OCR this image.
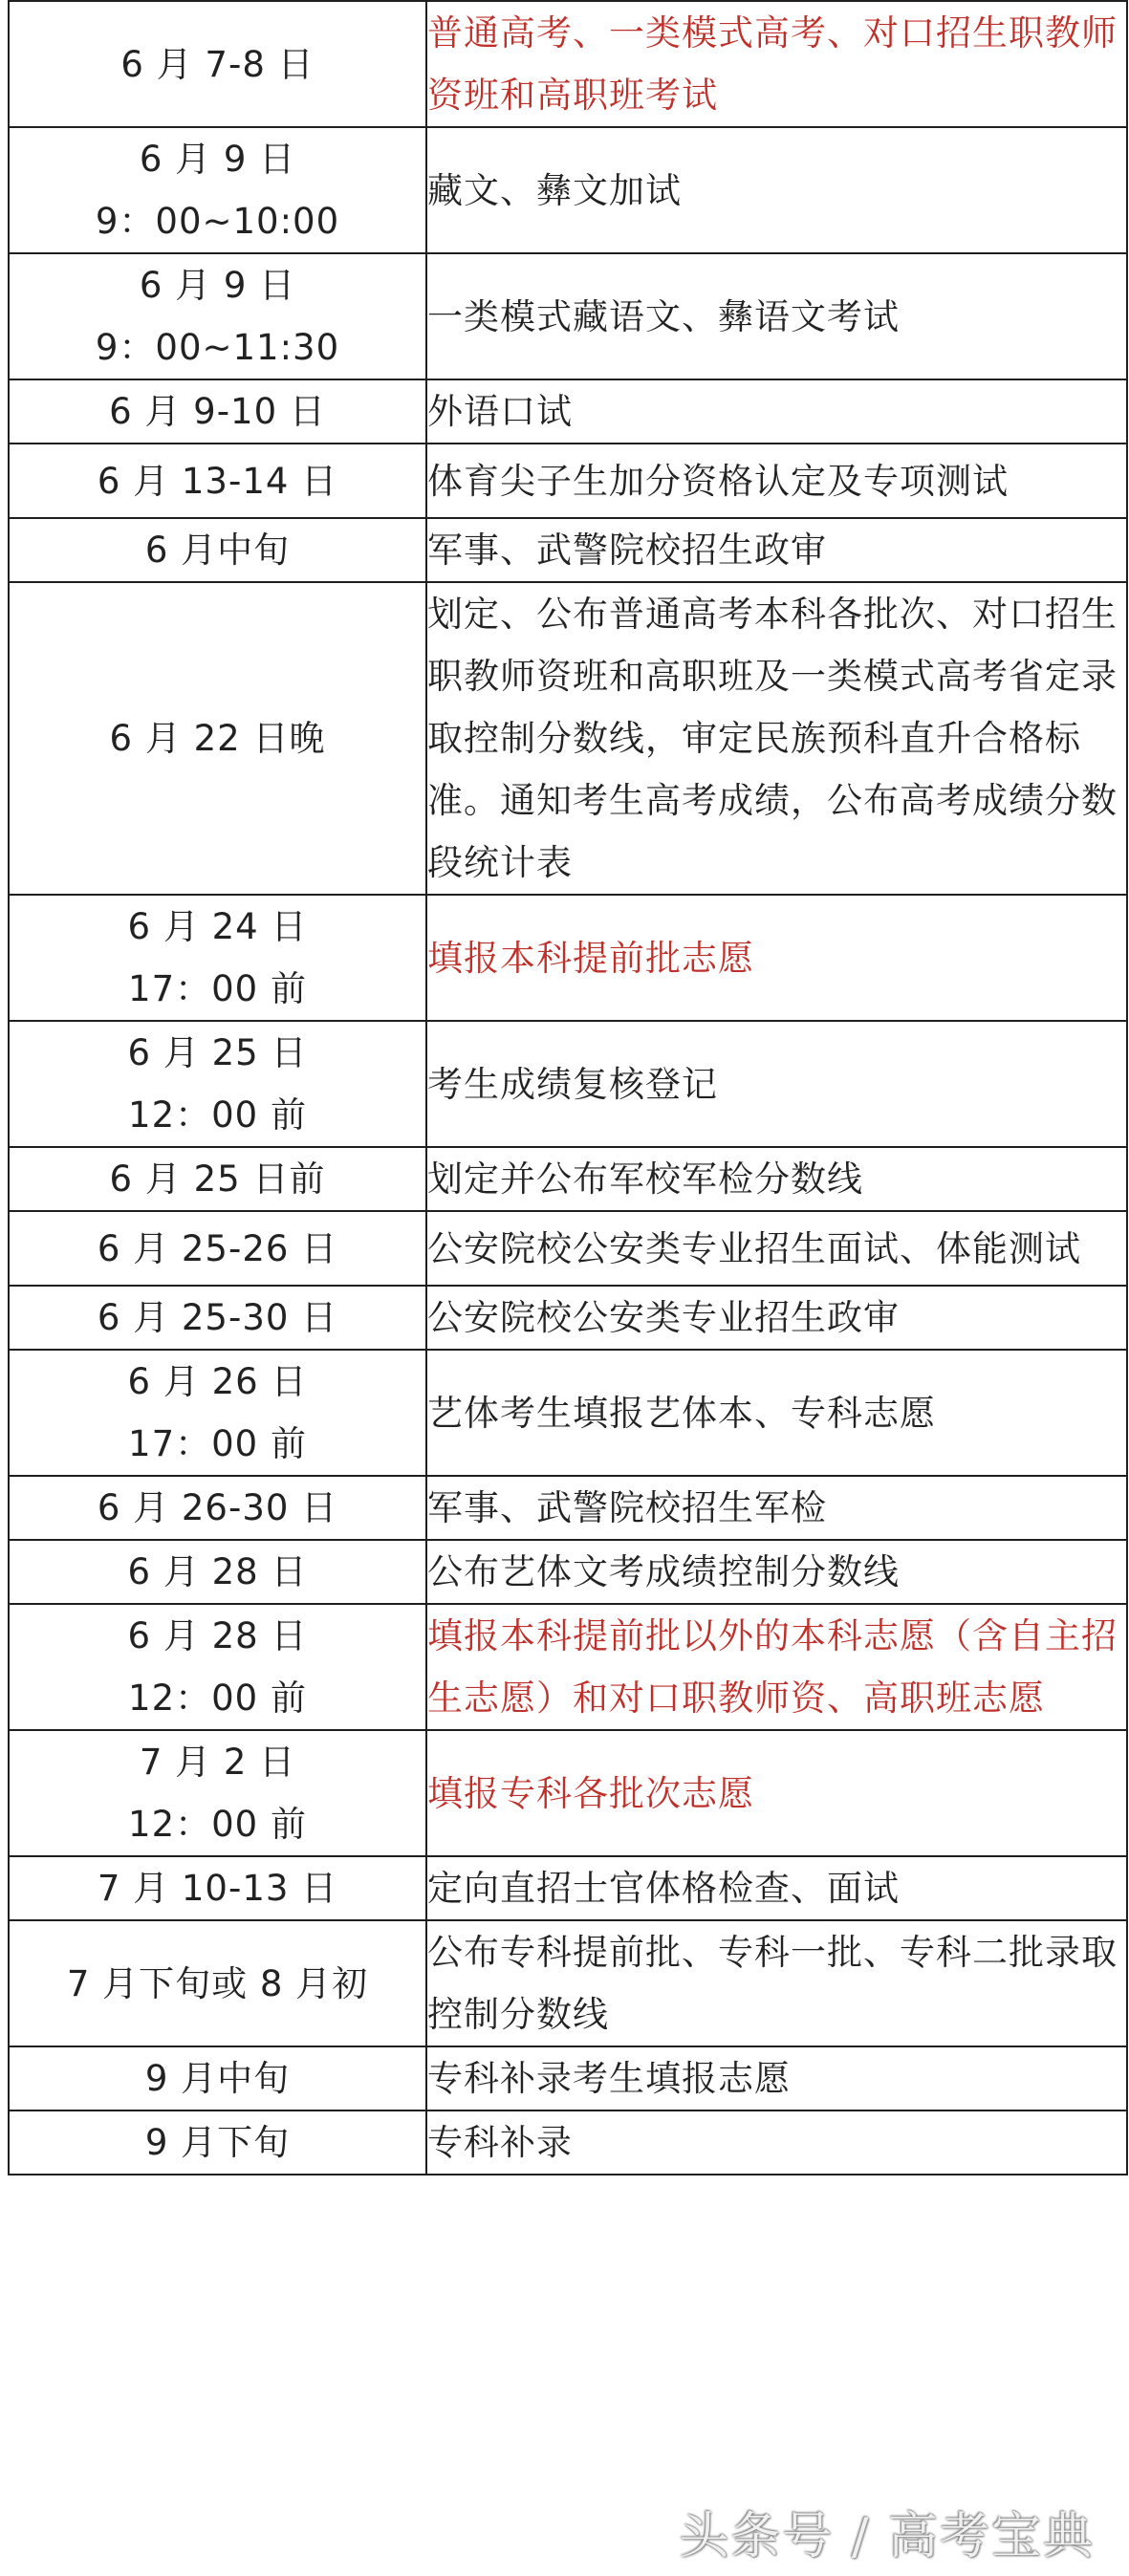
6 月 7-8 日	普通高考、一类模式高考、对口招生职教师资班和高职班考试

6 月 9 日
9：00~10:00	藏文、彝文加试

6 月 9 日
9：00~11:30	一类模式藏语文、彝语文考试

6 月 9-10 日	外语口试

6 月 13-14 日	体育尖子生加分资格认定及专项测试

6 月中旬	军事、武警院校招生政审

6 月 22 日晚	划定、公布普通高考本科各批次、对口招生职教师资班和高职班及一类模式高考省定录取控制分数线，审定民族预科直升合格标准。通知考生高考成绩，公布高考成绩分数段统计表

6 月 24 日
17：00 前	填报本科提前批志愿

6 月 25 日
12：00 前	考生成绩复核登记

6 月 25 日前	划定并公布军校军检分数线

6 月 25-26 日	公安院校公安类专业招生面试、体能测试

6 月 25-30 日	公安院校公安类专业招生政审

6 月 26 日
17：00 前	艺体考生填报艺体本、专科志愿

6 月 26-30 日	军事、武警院校招生军检

6 月 28 日	公布艺体文考成绩控制分数线

6 月 28 日
12：00 前	填报本科提前批以外的本科志愿（含自主招生志愿）和对口职教师资、高职班志愿

7 月 2 日
12：00 前	填报专科各批次志愿

7 月 10-13 日	定向直招士官体格检查、面试

7 月下旬或 8 月初	公布专科提前批、专科一批、专科二批录取控制分数线

9 月中旬	专科补录考生填报志愿

9 月下旬	专科补录
头条号 / 高考宝典
